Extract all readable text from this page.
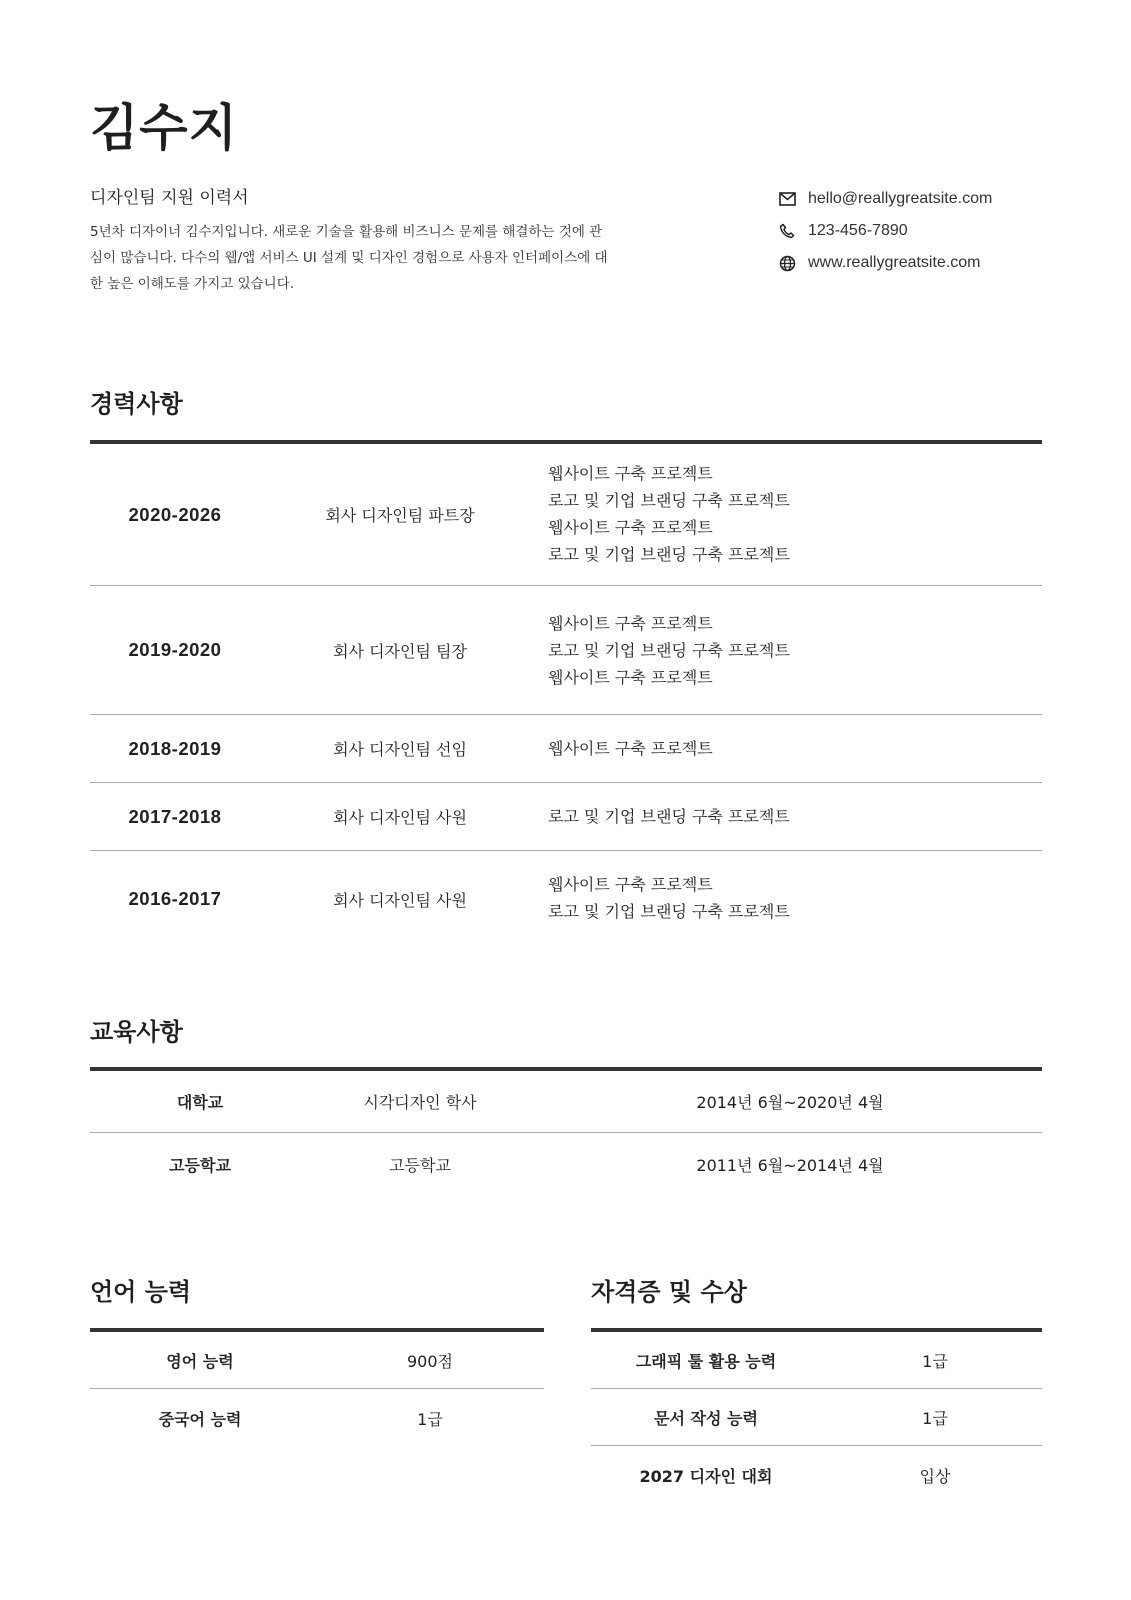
김수지
디자인팀 지원 이력서
5년차 디자이너 김수지입니다. 새로운 기술을 활용해 비즈니스 문제를 해결하는 것에 관심이 많습니다. 다수의 웹/앱 서비스 UI 설계 및 디자인 경험으로 사용자 인터페이스에 대한 높은 이해도를 가지고 있습니다.
hello@reallygreatsite.com
123-456-7890
www.reallygreatsite.com
경력사항
2020-2026	회사 디자인팀 파트장
웹사이트 구축 프로젝트
로고 및 기업 브랜딩 구축 프로젝트
웹사이트 구축 프로젝트
로고 및 기업 브랜딩 구축 프로젝트
2019-2020	회사 디자인팀 팀장
웹사이트 구축 프로젝트
로고 및 기업 브랜딩 구축 프로젝트
웹사이트 구축 프로젝트
2018-2019	회사 디자인팀 선임	웹사이트 구축 프로젝트
2017-2018	회사 디자인팀 사원	로고 및 기업 브랜딩 구축 프로젝트
2016-2017	회사 디자인팀 사원
웹사이트 구축 프로젝트
로고 및 기업 브랜딩 구축 프로젝트
교육사항
대학교	시각디자인 학사	2014년 6월~2020년 4월
고등학교	고등학교	2011년 6월~2014년 4월
언어 능력
영어 능력	900점
중국어 능력	1급
자격증 및 수상
그래픽 툴 활용 능력	1급
문서 작성 능력	1급
2027 디자인 대회	입상
